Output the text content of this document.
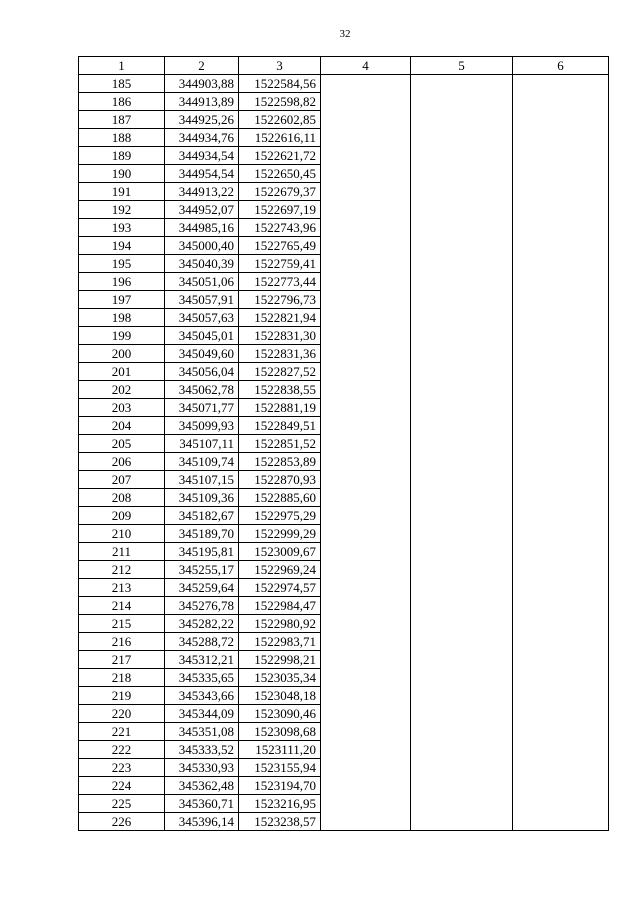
32
1	2	3	4	5	6
185	344903,88	1522584,56			
186	344913,89	1522598,82			
187	344925,26	1522602,85			
188	344934,76	1522616,11			
189	344934,54	1522621,72			
190	344954,54	1522650,45			
191	344913,22	1522679,37			
192	344952,07	1522697,19			
193	344985,16	1522743,96			
194	345000,40	1522765,49			
195	345040,39	1522759,41			
196	345051,06	1522773,44			
197	345057,91	1522796,73			
198	345057,63	1522821,94			
199	345045,01	1522831,30			
200	345049,60	1522831,36			
201	345056,04	1522827,52			
202	345062,78	1522838,55			
203	345071,77	1522881,19			
204	345099,93	1522849,51			
205	345107,11	1522851,52			
206	345109,74	1522853,89			
207	345107,15	1522870,93			
208	345109,36	1522885,60			
209	345182,67	1522975,29			
210	345189,70	1522999,29			
211	345195,81	1523009,67			
212	345255,17	1522969,24			
213	345259,64	1522974,57			
214	345276,78	1522984,47			
215	345282,22	1522980,92			
216	345288,72	1522983,71			
217	345312,21	1522998,21			
218	345335,65	1523035,34			
219	345343,66	1523048,18			
220	345344,09	1523090,46			
221	345351,08	1523098,68			
222	345333,52	1523111,20			
223	345330,93	1523155,94			
224	345362,48	1523194,70			
225	345360,71	1523216,95			
226	345396,14	1523238,57			
